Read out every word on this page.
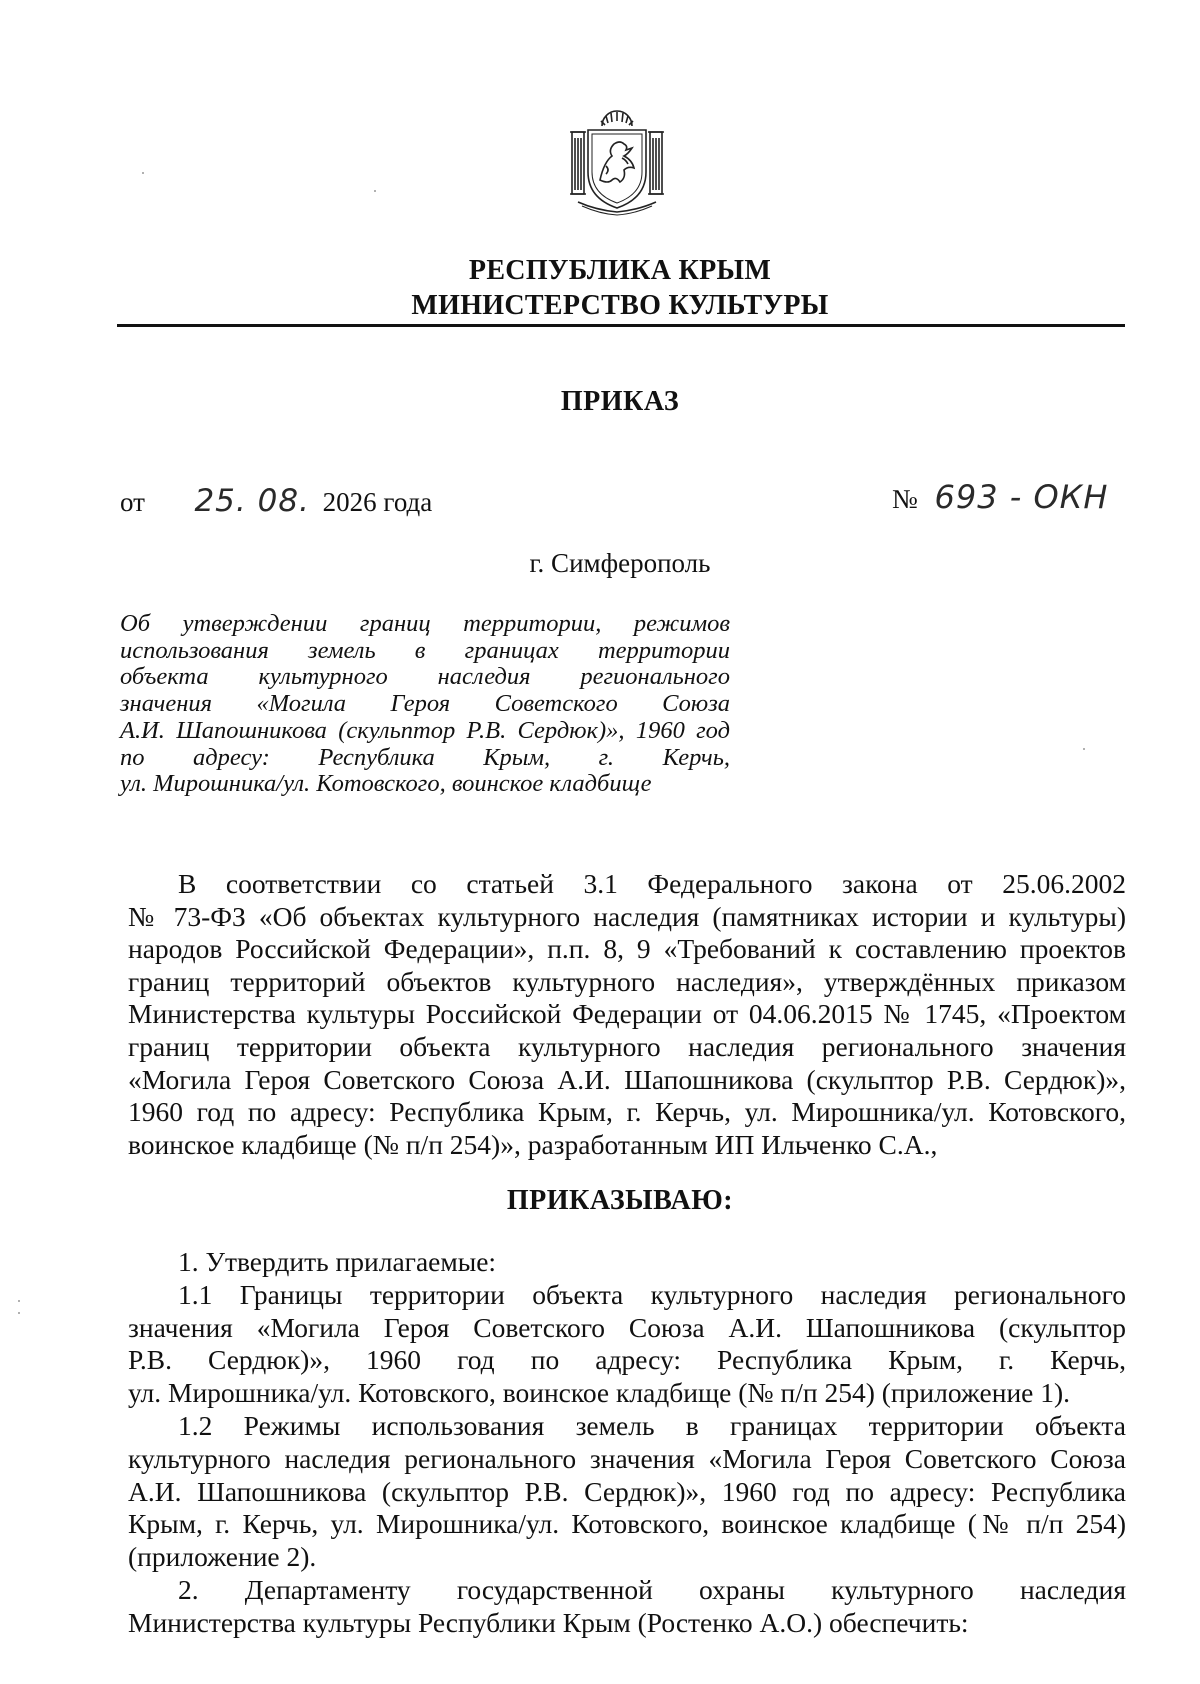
РЕСПУБЛИКА КРЫМ
МИНИСТЕРСТВО КУЛЬТУРЫ
ПРИКАЗ
от 25. 08. 2026 года	№ 693 - ОКН
г. Симферополь
Об утверждении границ территории, режимов
использования земель в границах территории
объекта культурного наследия регионального
значения «Могила Героя Советского Союза
А.И. Шапошникова (скульптор Р.В. Сердюк)», 1960 год
по адресу: Республика Крым, г. Керчь,
ул. Мирошника/ул. Котовского, воинское кладбище
В соответствии со статьей 3.1 Федерального закона от 25.06.2002
№ 73-ФЗ «Об объектах культурного наследия (памятниках истории и культуры)
народов Российской Федерации», п.п. 8, 9 «Требований к составлению проектов
границ территорий объектов культурного наследия», утверждённых приказом
Министерства культуры Российской Федерации от 04.06.2015 № 1745, «Проектом
границ территории объекта культурного наследия регионального значения
«Могила Героя Советского Союза А.И. Шапошникова (скульптор Р.В. Сердюк)»,
1960 год по адресу: Республика Крым, г. Керчь, ул. Мирошника/ул. Котовского,
воинское кладбище (№ п/п 254)», разработанным ИП Ильченко С.А.,
ПРИКАЗЫВАЮ:
1. Утвердить прилагаемые:
1.1 Границы территории объекта культурного наследия регионального
значения «Могила Героя Советского Союза А.И. Шапошникова (скульптор
Р.В. Сердюк)», 1960 год по адресу: Республика Крым, г. Керчь,
ул. Мирошника/ул. Котовского, воинское кладбище (№ п/п 254) (приложение 1).
1.2 Режимы использования земель в границах территории объекта
культурного наследия регионального значения «Могила Героя Советского Союза
А.И. Шапошникова (скульптор Р.В. Сердюк)», 1960 год по адресу: Республика
Крым, г. Керчь, ул. Мирошника/ул. Котовского, воинское кладбище (№ п/п 254)
(приложение 2).
2. Департаменту государственной охраны культурного наследия
Министерства культуры Республики Крым (Ростенко А.О.) обеспечить:
